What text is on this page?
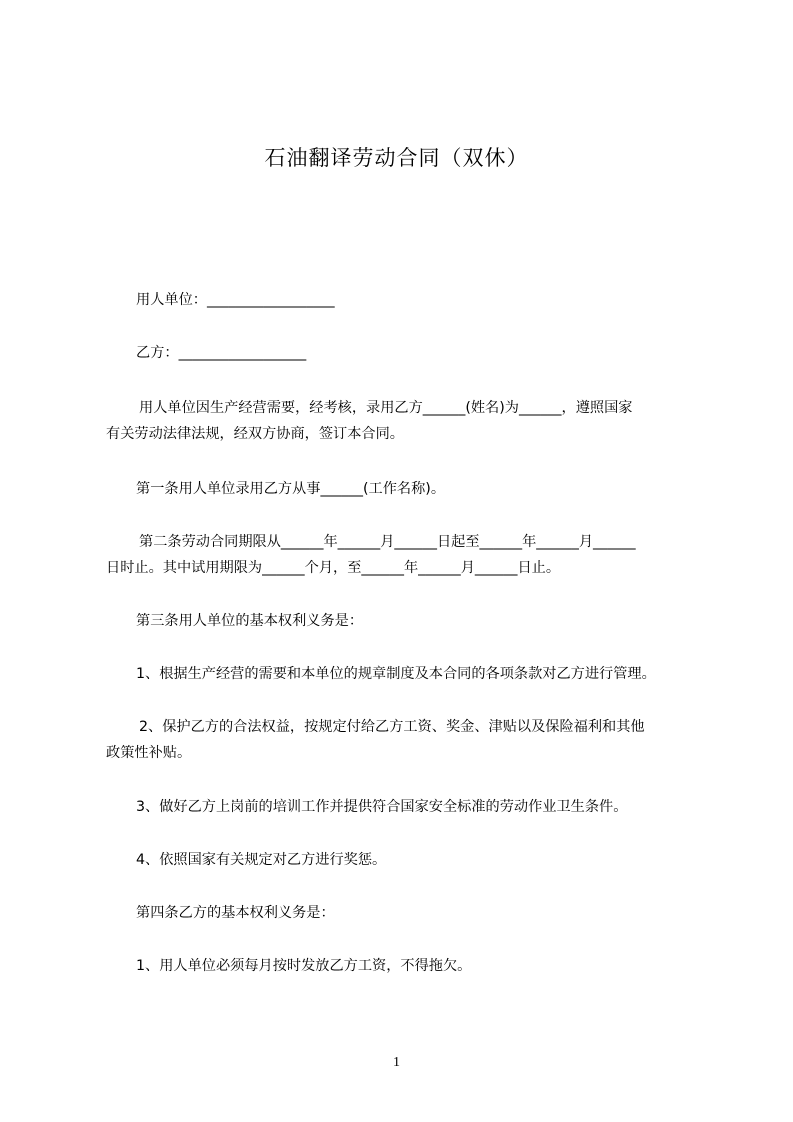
石油翻译劳动合同（双休）

用人单位：__________________

乙方：__________________

用人单位因生产经营需要，经考核，录用乙方______(姓名)为______，遵照国家
有关劳动法律法规，经双方协商，签订本合同。

第一条用人单位录用乙方从事______(工作名称)。

第二条劳动合同期限从______年______月______日起至______年______月______
日时止。其中试用期限为______个月，至______年______月______日止。

第三条用人单位的基本权利义务是：

1、根据生产经营的需要和本单位的规章制度及本合同的各项条款对乙方进行管理。

2、保护乙方的合法权益，按规定付给乙方工资、奖金、津贴以及保险福利和其他
政策性补贴。

3、做好乙方上岗前的培训工作并提供符合国家安全标准的劳动作业卫生条件。

4、依照国家有关规定对乙方进行奖惩。

第四条乙方的基本权利义务是：

1、用人单位必须每月按时发放乙方工资，不得拖欠。

1
